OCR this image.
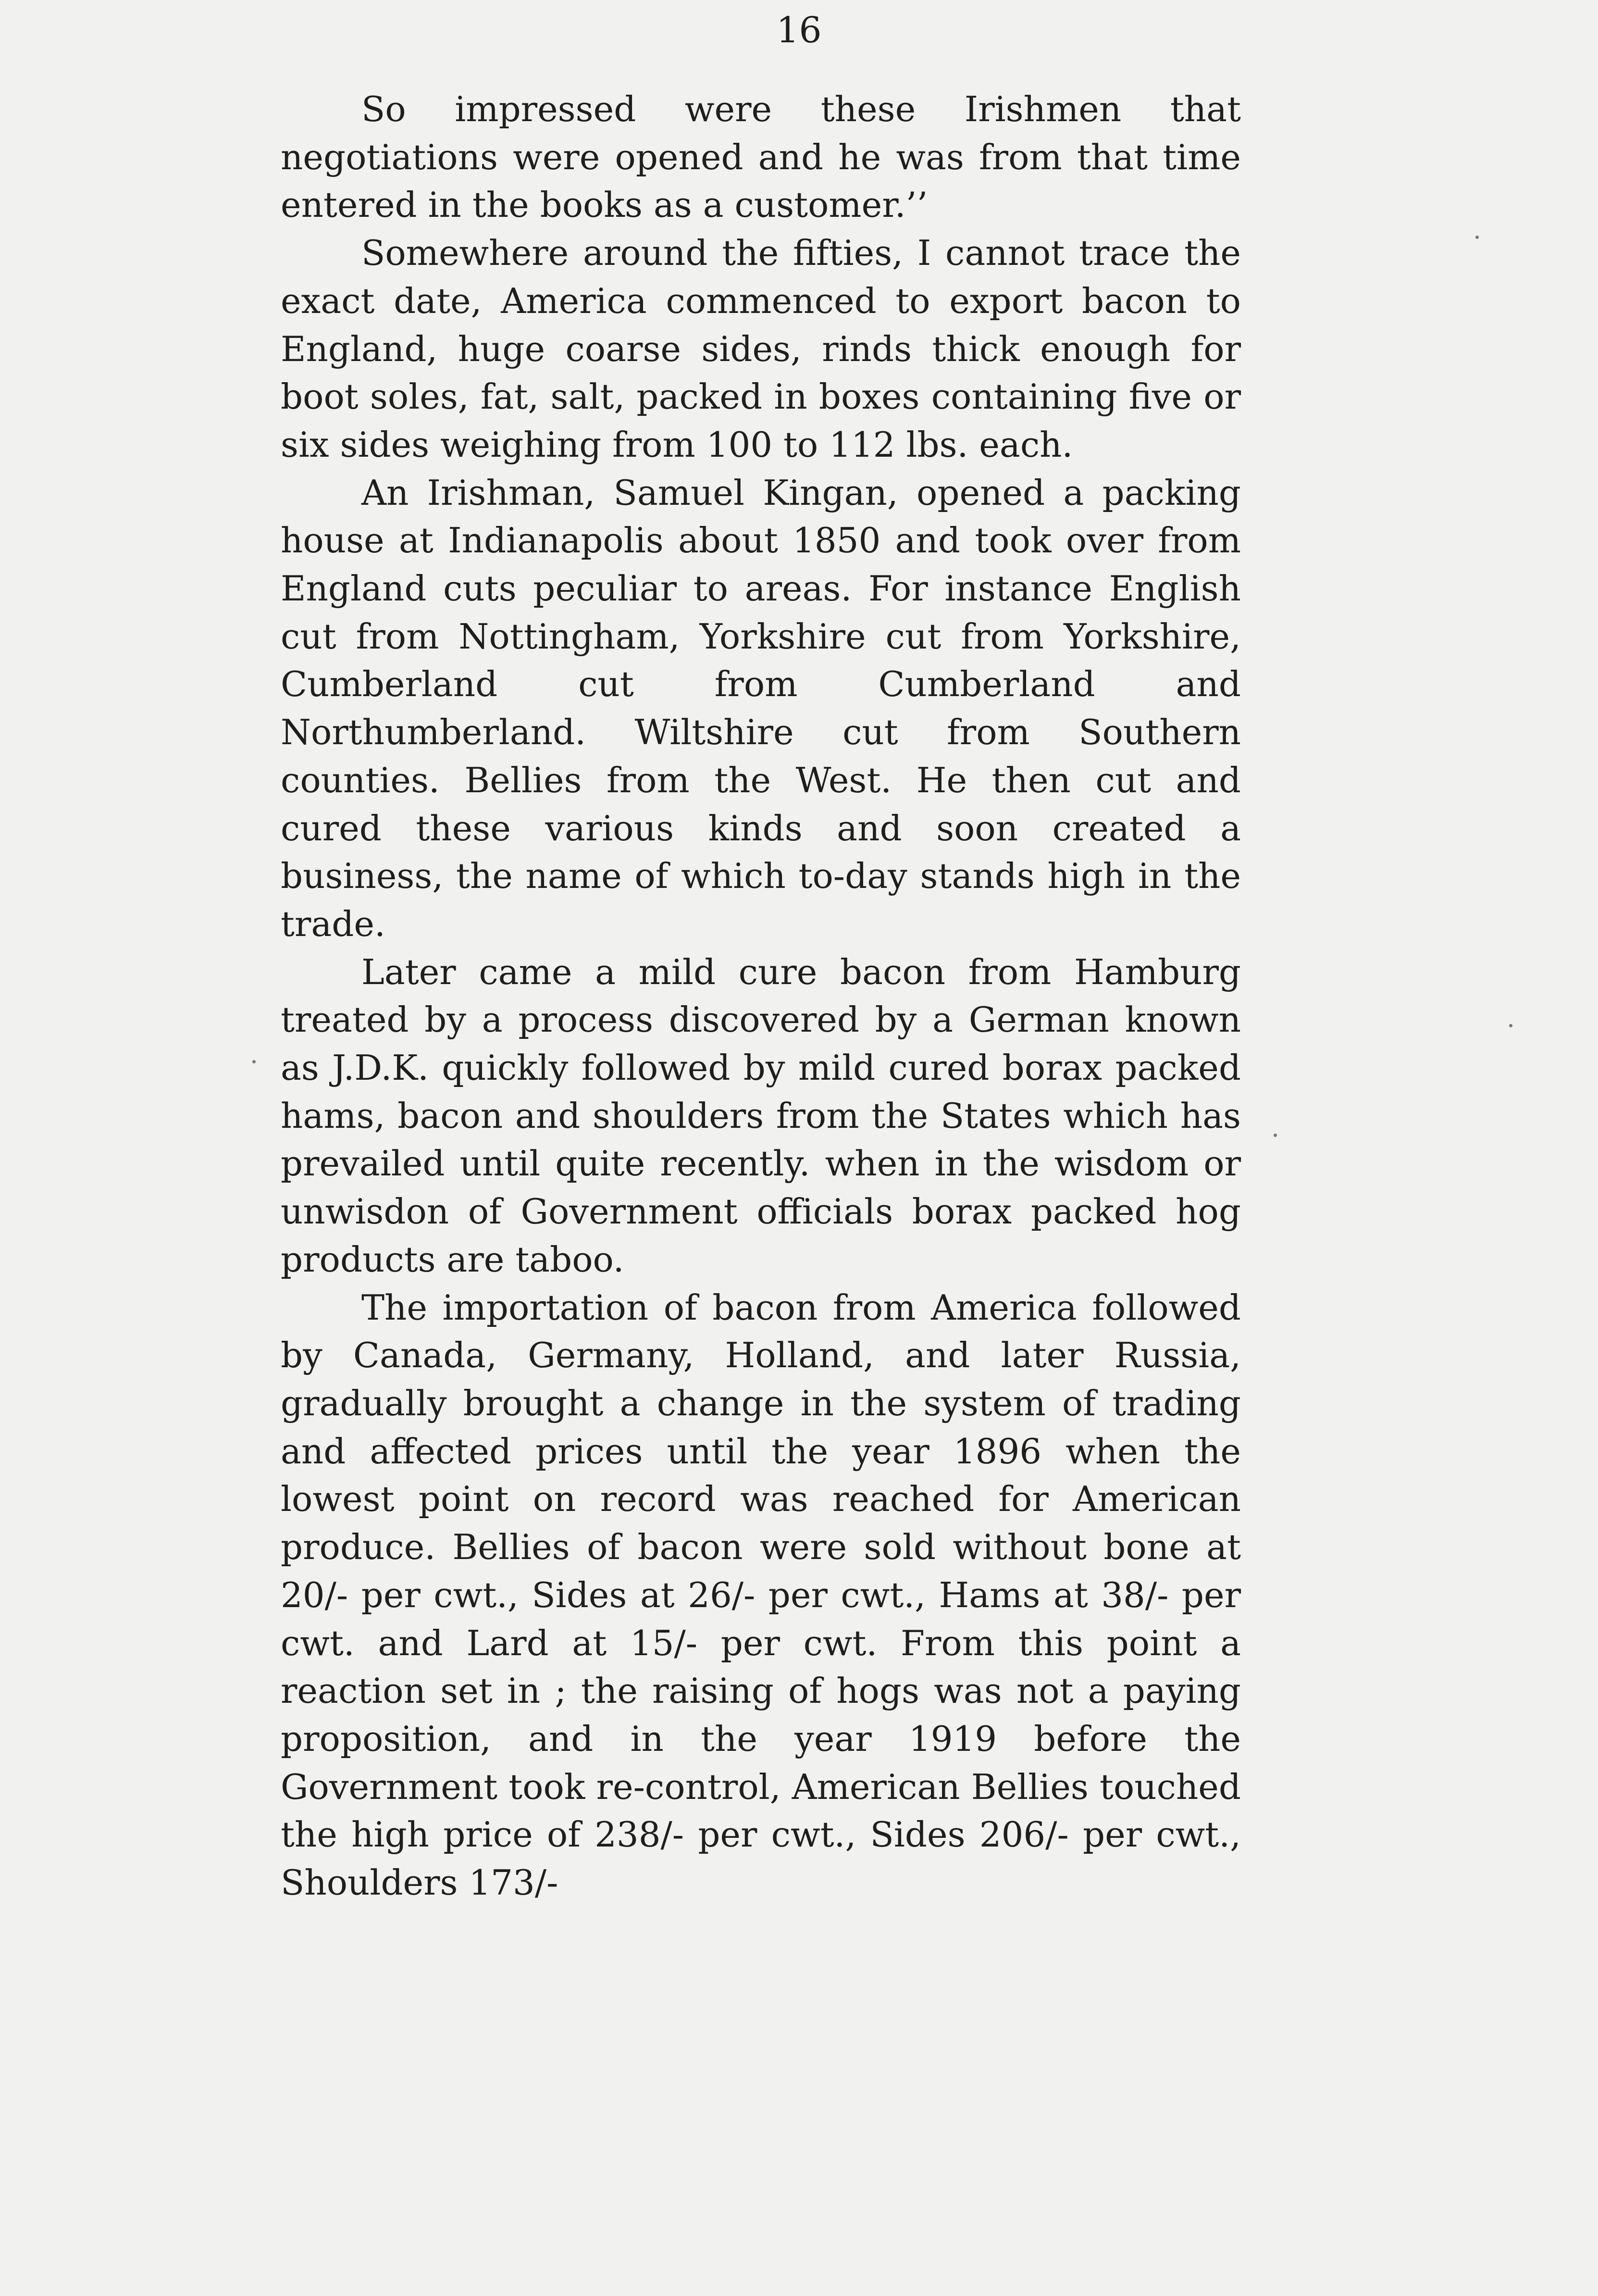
16

So impressed were these Irishmen that negotiations were opened and he was from that time entered in the books as a customer.’’

Somewhere around the fifties, I cannot trace the exact date, America commenced to export bacon to England, huge coarse sides, rinds thick enough for boot soles, fat, salt, packed in boxes containing five or six sides weighing from 100 to 112 lbs. each.

An Irishman, Samuel Kingan, opened a packing house at Indianapolis about 1850 and took over from England cuts peculiar to areas. For instance English cut from Nottingham, Yorkshire cut from Yorkshire, Cumberland cut from Cumberland and Northumberland. Wiltshire cut from Southern counties. Bellies from the West. He then cut and cured these various kinds and soon created a business, the name of which to-day stands high in the trade.

Later came a mild cure bacon from Hamburg treated by a process discovered by a German known as J.D.K. quickly followed by mild cured borax packed hams, bacon and shoulders from the States which has prevailed until quite recently. when in the wisdom or unwisdon of Government officials borax packed hog products are taboo.

The importation of bacon from America followed by Canada, Germany, Holland, and later Russia, gradually brought a change in the system of trading and affected prices until the year 1896 when the lowest point on record was reached for American produce. Bellies of bacon were sold without bone at 20/- per cwt., Sides at 26/- per cwt., Hams at 38/- per cwt. and Lard at 15/- per cwt. From this point a reaction set in ; the raising of hogs was not a paying proposition, and in the year 1919 before the Government took re-control, American Bellies touched the high price of 238/- per cwt., Sides 206/- per cwt., Shoulders 173/-
